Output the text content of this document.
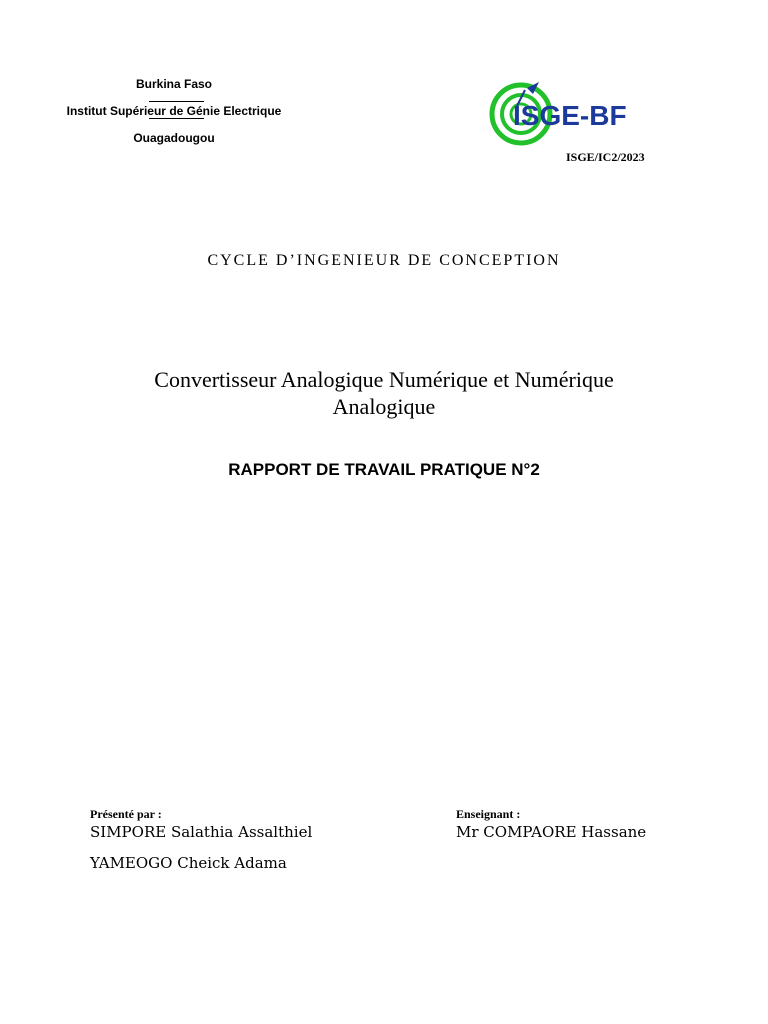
Burkina Faso
Institut Supérieur de Génie Electrique
Ouagadougou
ISGE-BF
ISGE/IC2/2023
CYCLE D’INGENIEUR DE CONCEPTION
Convertisseur Analogique Numérique et Numérique
Analogique
RAPPORT DE TRAVAIL PRATIQUE N°2
Présenté par :
SIMPORE Salathia Assalthiel
YAMEOGO Cheick Adama
Enseignant :
Mr COMPAORE Hassane
